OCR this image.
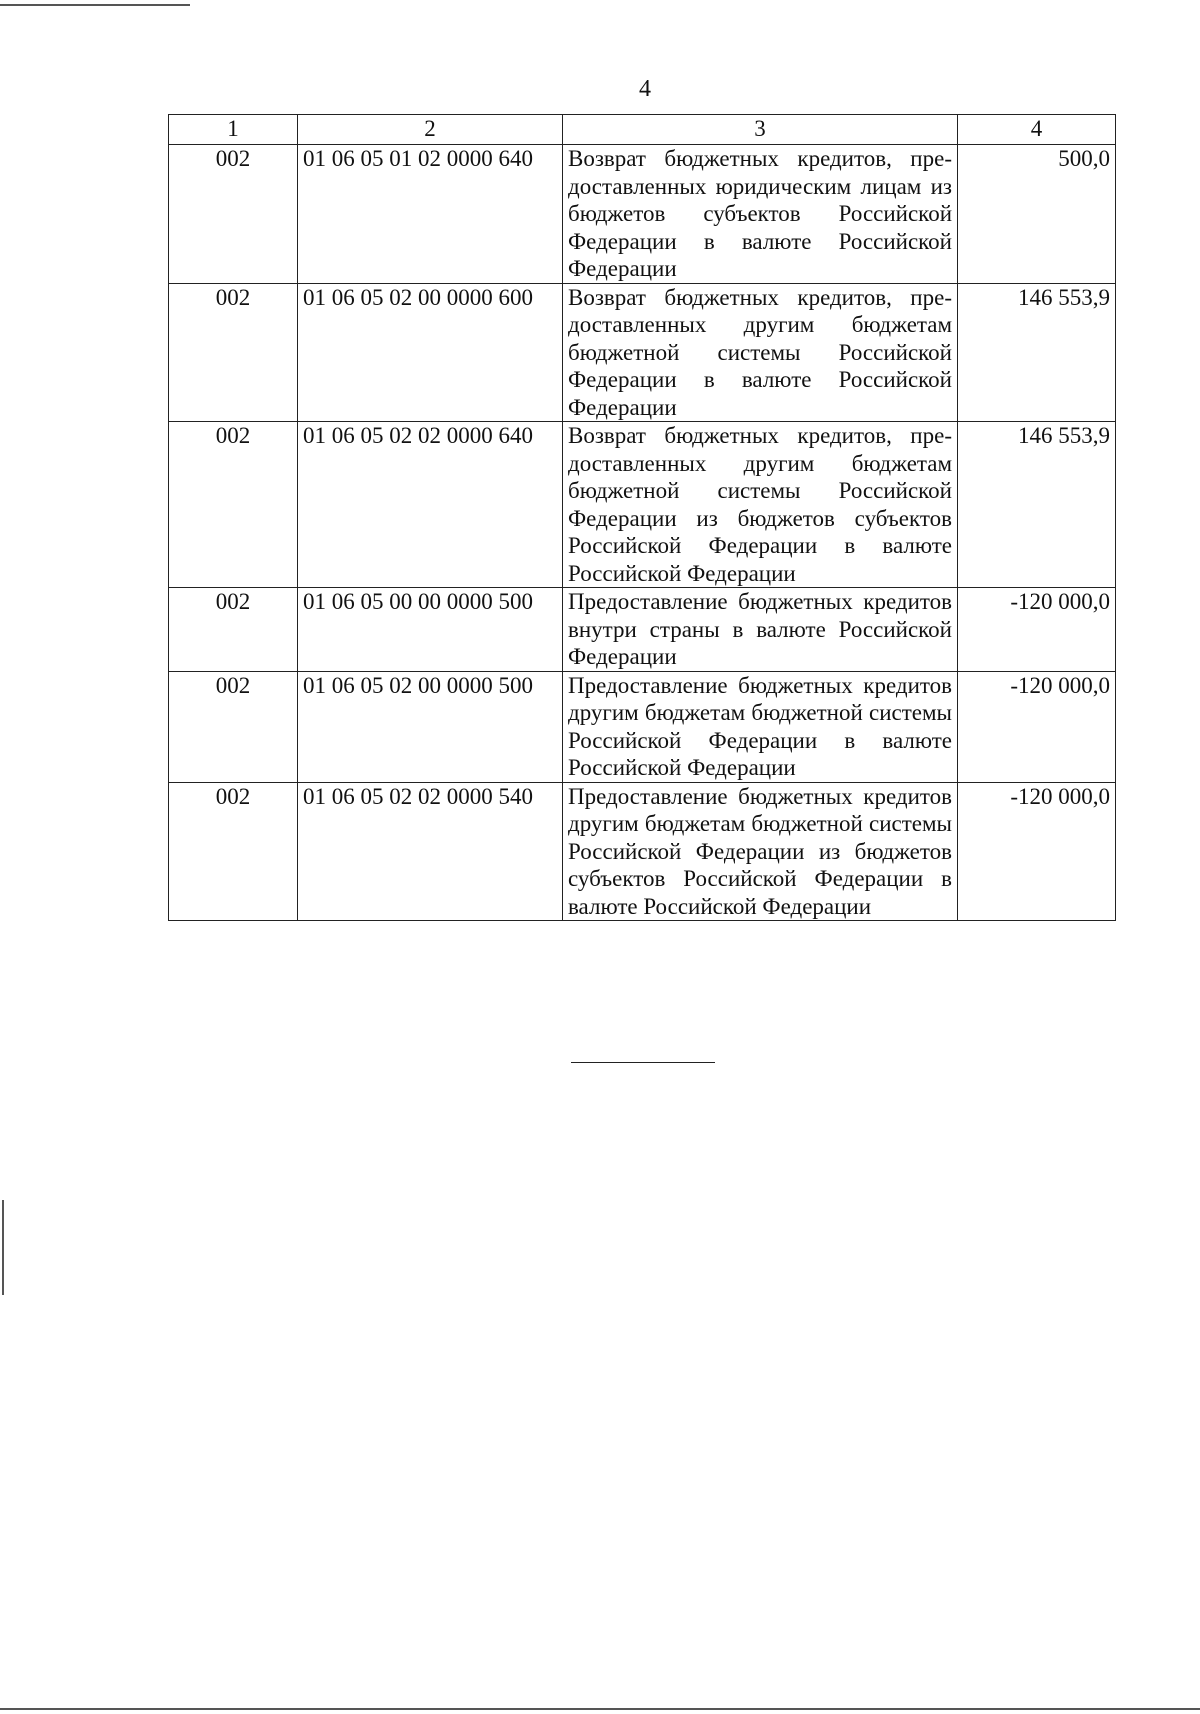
4
1	2	3	4
002	01 06 05 01 02 0000 640	Возврат бюджетных кредитов, предоставленных юридическим лицам из бюджетов субъектов Российской Федерации в валюте Российской Федерации	500,0
002	01 06 05 02 00 0000 600	Возврат бюджетных кредитов, предоставленных другим бюджетам бюджетной системы Российской Федерации в валюте Российской Федерации	146 553,9
002	01 06 05 02 02 0000 640	Возврат бюджетных кредитов, предоставленных другим бюджетам бюджетной системы Российской Федерации из бюджетов субъектов Российской Федерации в валюте Российской Федерации	146 553,9
002	01 06 05 00 00 0000 500	Предоставление бюджетных кредитов внутри страны в валюте Российской Федерации	-120 000,0
002	01 06 05 02 00 0000 500	Предоставление бюджетных кредитов другим бюджетам бюджетной системы Российской Федерации в валюте Российской Федерации	-120 000,0
002	01 06 05 02 02 0000 540	Предоставление бюджетных кредитов другим бюджетам бюджетной системы Российской Федерации из бюджетов субъектов Российской Федерации в валюте Российской Федерации	-120 000,0
